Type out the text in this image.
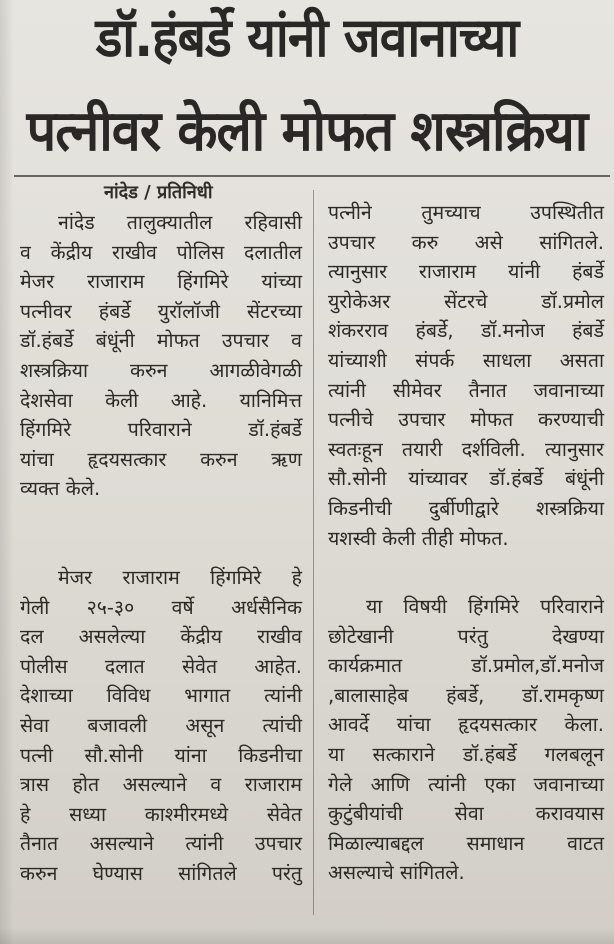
डॉ.हंबर्डे यांनी जवानाच्या
पत्नीवर केली मोफत शस्त्रक्रिया
नांदेड / प्रतिनिधी

नांदेड तालुक्यातील रहिवासी
व केंद्रीय राखीव पोलिस दलातील
मेजर राजाराम हिंगमिरे यांच्या
पत्नीवर हंबर्डे युरॉलॉजी सेंटरच्या
डॉ.हंबर्डे बंधूंनी मोफत उपचार व
शस्त्रक्रिया करुन आगळीवेगळी
देशसेवा केली आहे. यानिमित्त
हिंगमिरे परिवाराने डॉ.हंबर्डे
यांचा हृदयसत्कार करुन ऋण
व्यक्त केले.

मेजर राजाराम हिंगमिरे हे
गेली २५-३० वर्षे अर्धसैनिक
दल असलेल्या केंद्रीय राखीव
पोलीस दलात सेवेत आहेत.
देशाच्या विविध भागात त्यांनी
सेवा बजावली असून त्यांची
पत्नी सौ.सोनी यांना किडनीचा
त्रास होत असल्याने व राजाराम
हे सध्या काश्मीरमध्ये सेवेत
तैनात असल्याने त्यांनी उपचार
करुन घेण्यास सांगितले परंतु

पत्नीने तुमच्याच उपस्थितीत
उपचार करु असे सांगितले.
त्यानुसार राजाराम यांनी हंबर्डे
युरोकेअर सेंटरचे डॉ.प्रमोल
शंकरराव हंबर्डे, डॉ.मनोज हंबर्डे
यांच्याशी संपर्क साधला असता
त्यांनी सीमेवर तैनात जवानाच्या
पत्नीचे उपचार मोफत करण्याची
स्वतःहून तयारी दर्शविली. त्यानुसार
सौ.सोनी यांच्यावर डॉ.हंबर्डे बंधूंनी
किडनीची दुर्बीणीद्वारे शस्त्रक्रिया
यशस्वी केली तीही मोफत.

या विषयी हिंगमिरे परिवाराने
छोटेखानी परंतु देखण्या
कार्यक्रमात डॉ.प्रमोल,डॉ.मनोज
,बालासाहेब हंबर्डे, डॉ.रामकृष्ण
आवर्दे यांचा हृदयसत्कार केला.
या सत्काराने डॉ.हंबर्डे गलबलून
गेले आणि त्यांनी एका जवानाच्या
कुटुंबीयांची सेवा करावयास
मिळाल्याबद्दल समाधान वाटत
असल्याचे सांगितले.
